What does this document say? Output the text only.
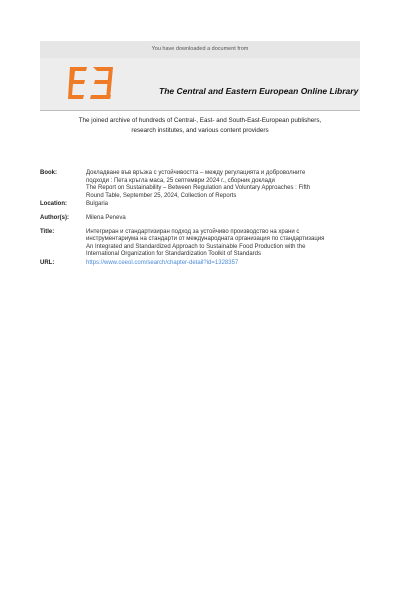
You have downloaded a document from
The Central and Eastern European Online Library
The joined archive of hundreds of Central-, East- and South-East-European publishers,
research institutes, and various content providers
Book:	Докладване във връзка с устойчивостта – между регулацията и доброволните
подходи : Пета кръгла маса, 25 септември 2024 г., сборник доклади
The Report on Sustainability – Between Regulation and Voluntary Approaches : Fifth
Round Table, September 25, 2024, Collection of Reports
Location:	Bulgaria
Author(s):	Milena Peneva
Title:	Интегриран и стандартизиран подход за устойчиво производство на храни с
инструментариума на стандарти от международната организация по стандартизация
An Integrated and Standardized Approach to Sustainable Food Production with the
International Organization for Standardization Toolkit of Standards
URL:	https://www.ceeol.com/search/chapter-detail?id=1328357
